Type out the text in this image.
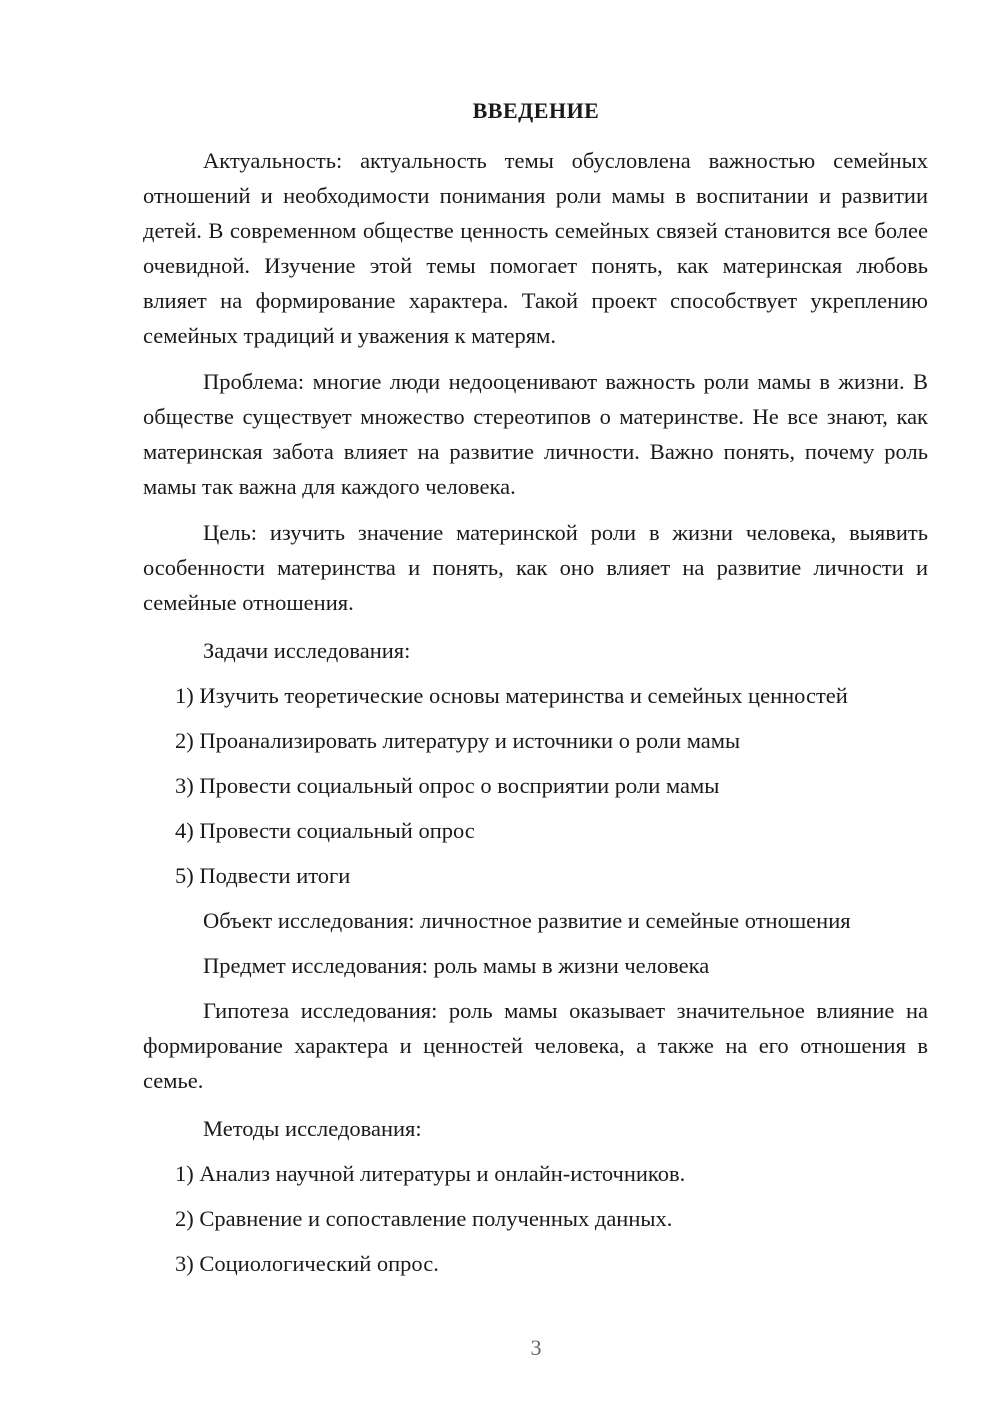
ВВЕДЕНИЕ

Актуальность: актуальность темы обусловлена важностью семейных отношений и необходимости понимания роли мамы в воспитании и развитии детей. В современном обществе ценность семейных связей становится все более очевидной. Изучение этой темы помогает понять, как материнская любовь влияет на формирование характера. Такой проект способствует укреплению семейных традиций и уважения к матерям.

Проблема: многие люди недооценивают важность роли мамы в жизни. В обществе существует множество стереотипов о материнстве. Не все знают, как материнская забота влияет на развитие личности. Важно понять, почему роль мамы так важна для каждого человека.

Цель: изучить значение материнской роли в жизни человека, выявить особенности материнства и понять, как оно влияет на развитие личности и семейные отношения.

Задачи исследования:

1) Изучить теоретические основы материнства и семейных ценностей

2) Проанализировать литературу и источники о роли мамы

3) Провести социальный опрос о восприятии роли мамы

4) Провести социальный опрос

5) Подвести итоги

Объект исследования: личностное развитие и семейные отношения

Предмет исследования: роль мамы в жизни человека

Гипотеза исследования: роль мамы оказывает значительное влияние на формирование характера и ценностей человека, а также на его отношения в семье.

Методы исследования:

1) Анализ научной литературы и онлайн-источников.

2) Сравнение и сопоставление полученных данных.

3) Социологический опрос.

3
